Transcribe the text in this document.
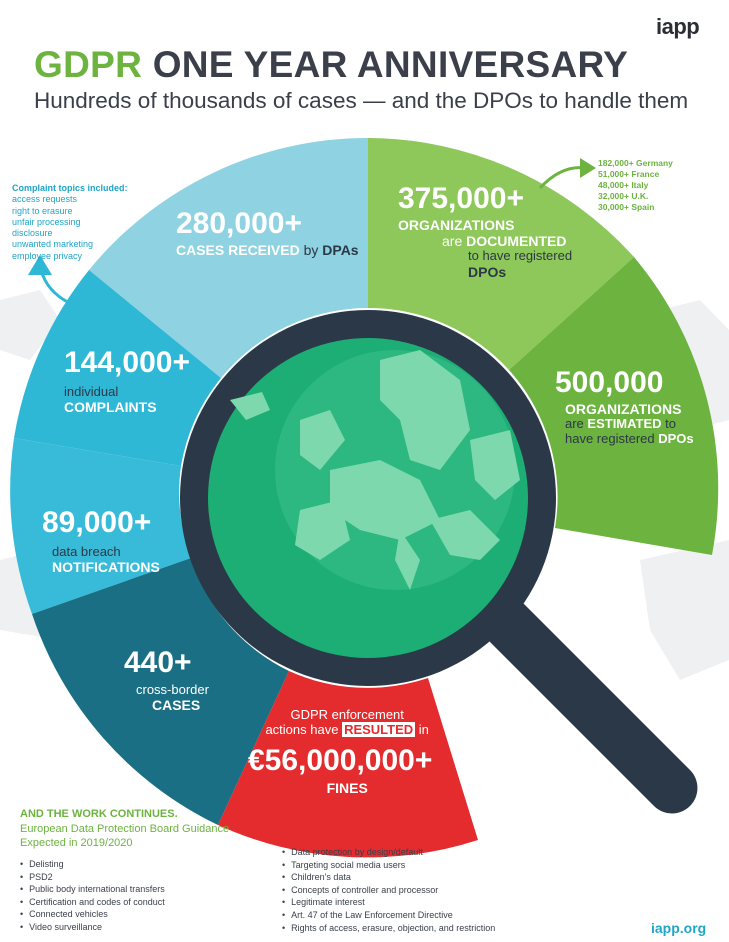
iapp
GDPR ONE YEAR ANNIVERSARY
Hundreds of thousands of cases — and the DPOs to handle them
Complaint topics included:
access requests
right to erasure
unfair processing
disclosure
unwanted marketing
employee privacy
182,000+ Germany
51,000+ France
48,000+ Italy
32,000+ U.K.
30,000+ Spain
280,000+
CASES RECEIVED by DPAs
144,000+
individual
COMPLAINTS
89,000+
data breach
NOTIFICATIONS
440+
cross-border
CASES
GDPR enforcement
actions have RESULTED in
€56,000,000+
FINES
375,000+
ORGANIZATIONS
are DOCUMENTED
to have registered
DPOs
500,000
ORGANIZATIONS
are ESTIMATED to
have registered DPOs
AND THE WORK CONTINUES.
European Data Protection Board Guidance Expected in 2019/2020
• Delisting
• PSD2
• Public body international transfers
• Certification and codes of conduct
• Connected vehicles
• Video surveillance
• Data protection by design/default
• Targeting social media users
• Children's data
• Concepts of controller and processor
• Legitimate interest
• Art. 47 of the Law Enforcement Directive
• Rights of access, erasure, objection, and restriction	iapp.org
